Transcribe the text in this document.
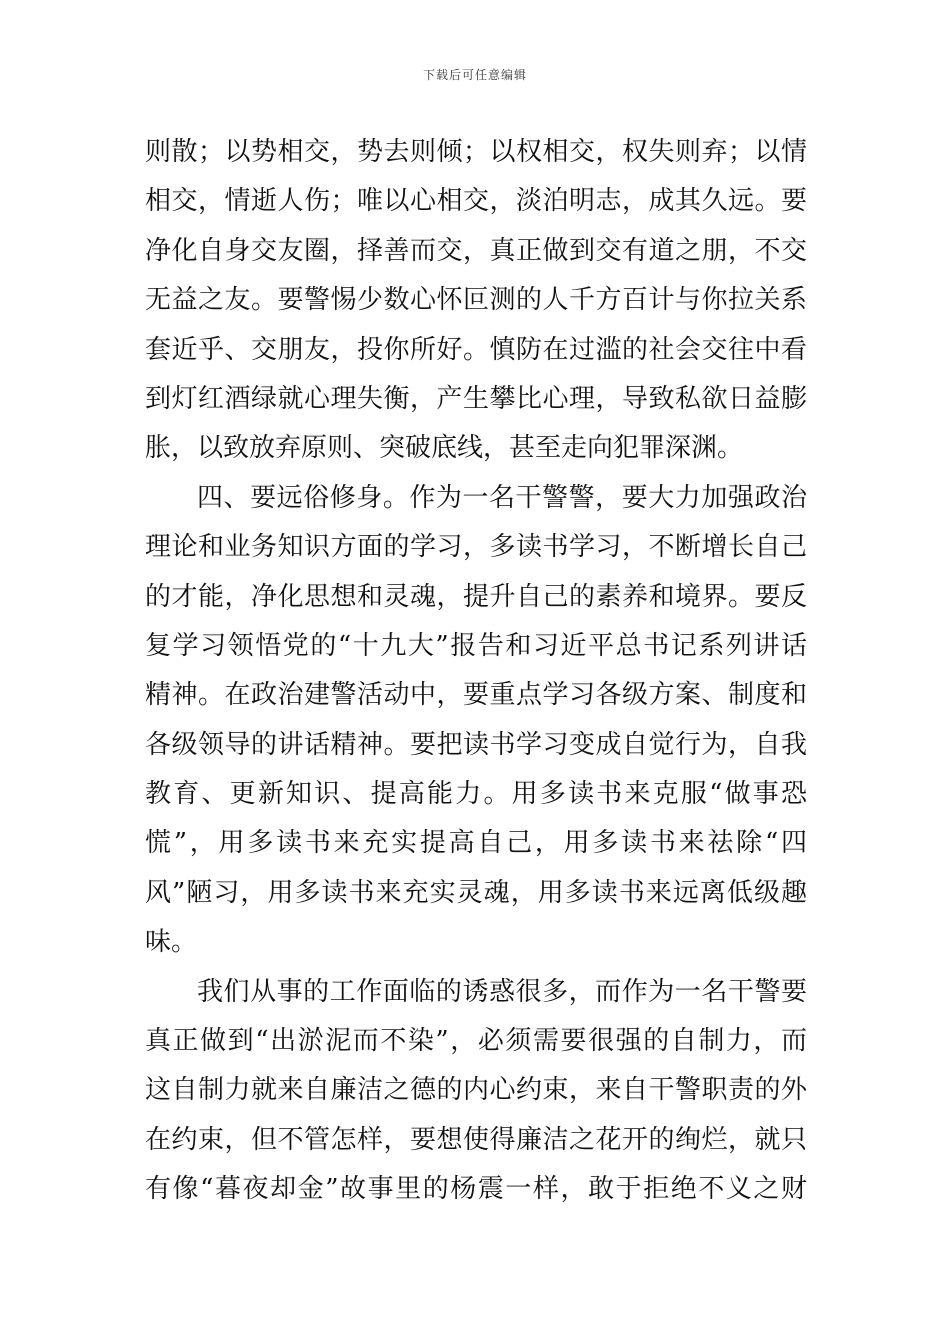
下载后可任意编辑
则散；以势相交，势去则倾；以权相交，权失则弃；以情
相交，情逝人伤；唯以心相交，淡泊明志，成其久远。要
净化自身交友圈，择善而交，真正做到交有道之朋，不交
无益之友。要警惕少数心怀叵测的人千方百计与你拉关系
套近乎、交朋友，投你所好。慎防在过滥的社会交往中看
到灯红酒绿就心理失衡，产生攀比心理，导致私欲日益膨
胀，以致放弃原则、突破底线，甚至走向犯罪深渊。
四、要远俗修身。作为一名干警警，要大力加强政治
理论和业务知识方面的学习，多读书学习，不断增长自己
的才能，净化思想和灵魂，提升自己的素养和境界。要反
复学习领悟党的“十九大”报告和习近平总书记系列讲话
精神。在政治建警活动中，要重点学习各级方案、制度和
各级领导的讲话精神。要把读书学习变成自觉行为，自我
教育、更新知识、提高能力。用多读书来克服“做事恐
慌”，用多读书来充实提高自己，用多读书来祛除“四
风”陋习，用多读书来充实灵魂，用多读书来远离低级趣
味。
我们从事的工作面临的诱惑很多，而作为一名干警要
真正做到“出淤泥而不染”，必须需要很强的自制力，而
这自制力就来自廉洁之德的内心约束，来自干警职责的外
在约束，但不管怎样，要想使得廉洁之花开的绚烂，就只
有像“暮夜却金”故事里的杨震一样，敢于拒绝不义之财
